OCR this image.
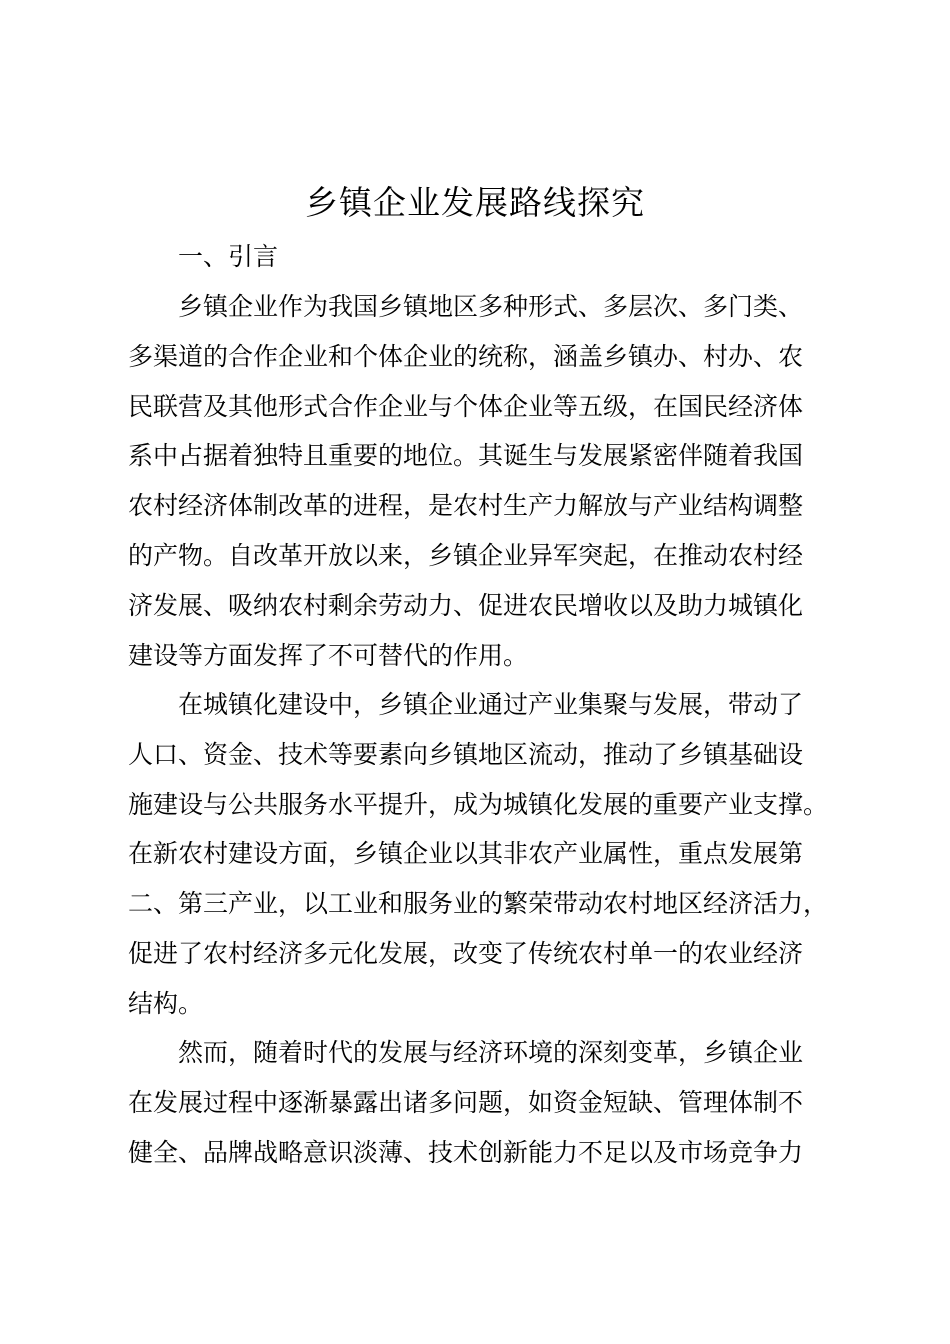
乡镇企业发展路线探究
一、引言
乡镇企业作为我国乡镇地区多种形式、多层次、多门类、
多渠道的合作企业和个体企业的统称，涵盖乡镇办、村办、农
民联营及其他形式合作企业与个体企业等五级，在国民经济体
系中占据着独特且重要的地位。其诞生与发展紧密伴随着我国
农村经济体制改革的进程，是农村生产力解放与产业结构调整
的产物。自改革开放以来，乡镇企业异军突起，在推动农村经
济发展、吸纳农村剩余劳动力、促进农民增收以及助力城镇化
建设等方面发挥了不可替代的作用。
在城镇化建设中，乡镇企业通过产业集聚与发展，带动了
人口、资金、技术等要素向乡镇地区流动，推动了乡镇基础设
施建设与公共服务水平提升，成为城镇化发展的重要产业支撑。
在新农村建设方面，乡镇企业以其非农产业属性，重点发展第
二、第三产业，以工业和服务业的繁荣带动农村地区经济活力，
促进了农村经济多元化发展，改变了传统农村单一的农业经济
结构。
然而，随着时代的发展与经济环境的深刻变革，乡镇企业
在发展过程中逐渐暴露出诸多问题，如资金短缺、管理体制不
健全、品牌战略意识淡薄、技术创新能力不足以及市场竞争力
